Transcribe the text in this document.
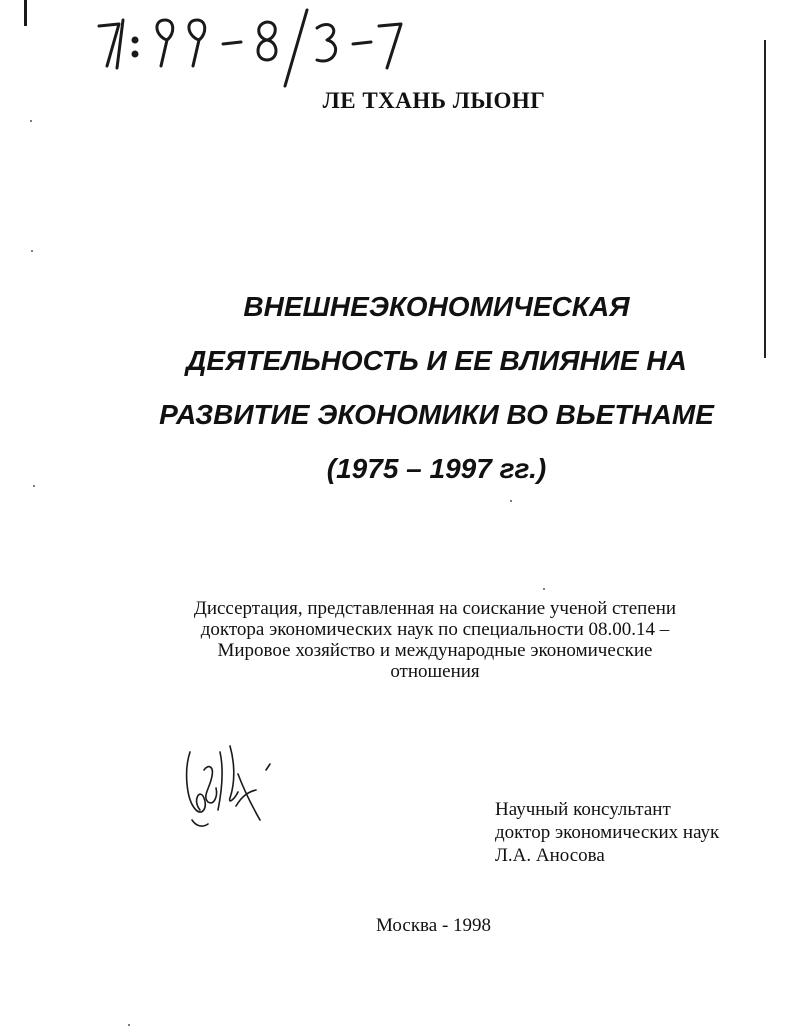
ЛЕ ТХАНЬ ЛЫОНГ
ВНЕШНЕЭКОНОМИЧЕСКАЯ
ДЕЯТЕЛЬНОСТЬ И ЕЕ ВЛИЯНИЕ НА
РАЗВИТИЕ ЭКОНОМИКИ ВО ВЬЕТНАМЕ
(1975 – 1997 гг.)
Диссертация, представленная на соискание ученой степени
доктора экономических наук по специальности 08.00.14 –
Мировое хозяйство и международные экономические
отношения
Научный консультант
доктор экономических наук
Л.А. Аносова
Москва - 1998
